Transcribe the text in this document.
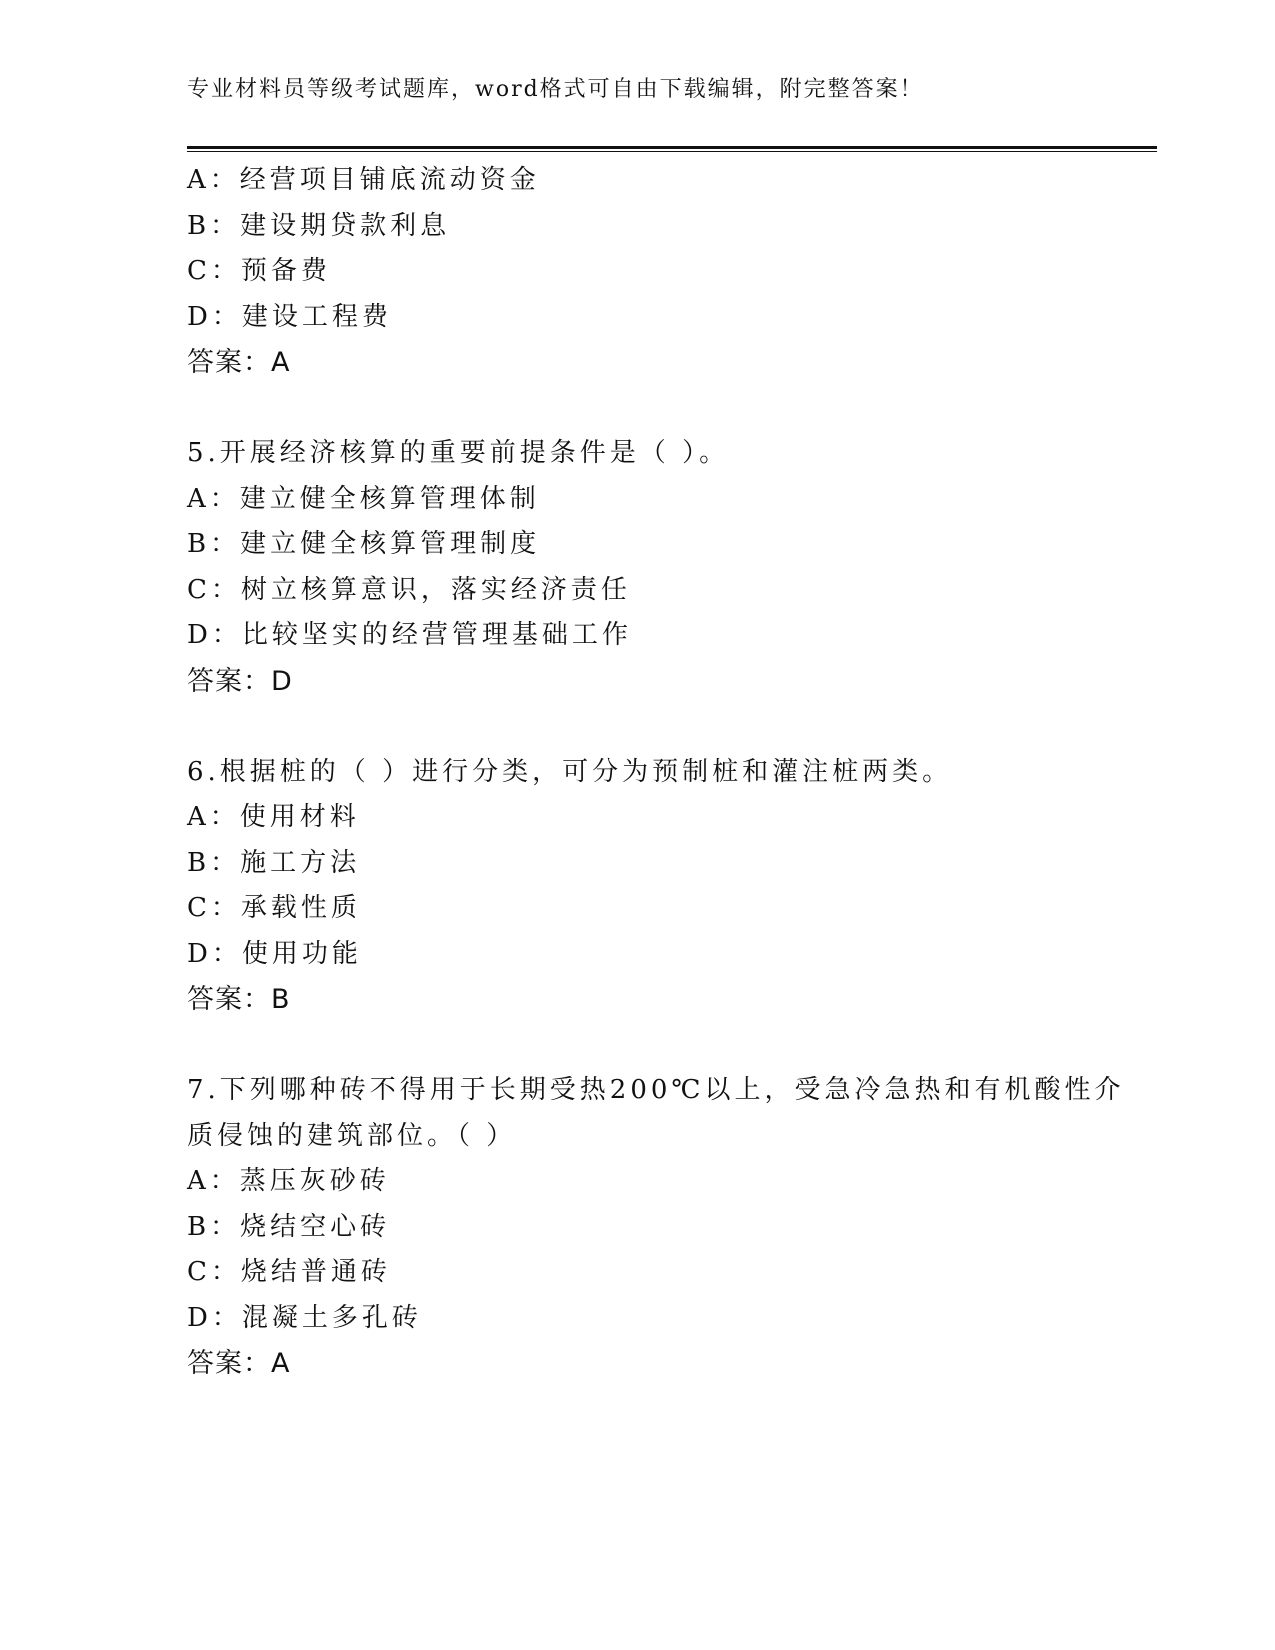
专业材料员等级考试题库，word格式可自由下载编辑，附完整答案！
A：经营项目铺底流动资金
B：建设期贷款利息
C：预备费
D：建设工程费
答案：A
5.开展经济核算的重要前提条件是（ ）。
A：建立健全核算管理体制
B：建立健全核算管理制度
C：树立核算意识，落实经济责任
D：比较坚实的经营管理基础工作
答案：D
6.根据桩的（ ）进行分类，可分为预制桩和灌注桩两类。
A：使用材料
B：施工方法
C：承载性质
D：使用功能
答案：B
7.下列哪种砖不得用于长期受热200℃以上，受急冷急热和有机酸性介
质侵蚀的建筑部位。（ ）
A：蒸压灰砂砖
B：烧结空心砖
C：烧结普通砖
D：混凝土多孔砖
答案：A
